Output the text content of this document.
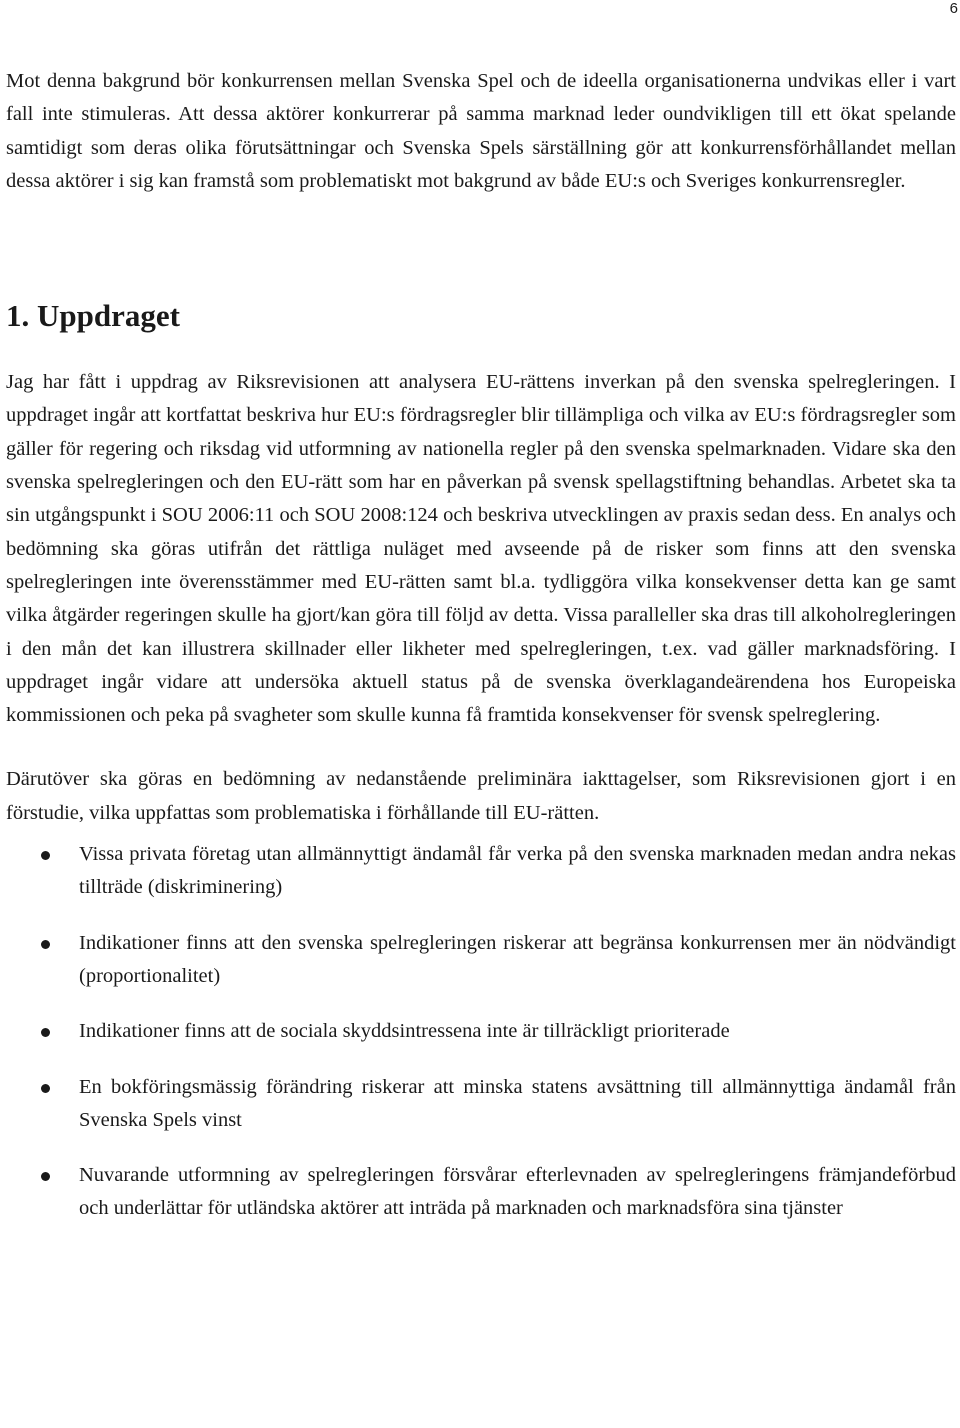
6

Mot denna bakgrund bör konkurrensen mellan Svenska Spel och de ideella organisationerna undvikas eller i vart fall inte stimuleras. Att dessa aktörer konkurrerar på samma marknad leder oundvikligen till ett ökat spelande samtidigt som deras olika förutsättningar och Svenska Spels särställning gör att konkurrensförhållandet mellan dessa aktörer i sig kan framstå som problematiskt mot bakgrund av både EU:s och Sveriges konkurrensregler.

1. Uppdraget

Jag har fått i uppdrag av Riksrevisionen att analysera EU-rättens inverkan på den svenska spelregleringen. I uppdraget ingår att kortfattat beskriva hur EU:s fördragsregler blir tillämpliga och vilka av EU:s fördragsregler som gäller för regering och riksdag vid utformning av nationella regler på den svenska spelmarknaden. Vidare ska den svenska spelregleringen och den EU-rätt som har en påverkan på svensk spellagstiftning behandlas. Arbetet ska ta sin utgångspunkt i SOU 2006:11 och SOU 2008:124 och beskriva utvecklingen av praxis sedan dess. En analys och bedömning ska göras utifrån det rättliga nuläget med avseende på de risker som finns att den svenska spelregleringen inte överensstämmer med EU-rätten samt bl.a. tydliggöra vilka konsekvenser detta kan ge samt vilka åtgärder regeringen skulle ha gjort/kan göra till följd av detta. Vissa paralleller ska dras till alkoholregleringen i den mån det kan illustrera skillnader eller likheter med spelregleringen, t.ex. vad gäller marknadsföring. I uppdraget ingår vidare att undersöka aktuell status på de svenska överklagandeärendena hos Europeiska kommissionen och peka på svagheter som skulle kunna få framtida konsekvenser för svensk spelreglering.

Därutöver ska göras en bedömning av nedanstående preliminära iakttagelser, som Riksrevisionen gjort i en förstudie, vilka uppfattas som problematiska i förhållande till EU-rätten.

Vissa privata företag utan allmännyttigt ändamål får verka på den svenska marknaden medan andra nekas tillträde (diskriminering)
Indikationer finns att den svenska spelregleringen riskerar att begränsa konkurrensen mer än nödvändigt (proportionalitet)
Indikationer finns att de sociala skyddsintressena inte är tillräckligt prioriterade
En bokföringsmässig förändring riskerar att minska statens avsättning till allmännyttiga ändamål från Svenska Spels vinst
Nuvarande utformning av spelregleringen försvårar efterlevnaden av spelregleringens främjandeförbud och underlättar för utländska aktörer att inträda på marknaden och marknadsföra sina tjänster
